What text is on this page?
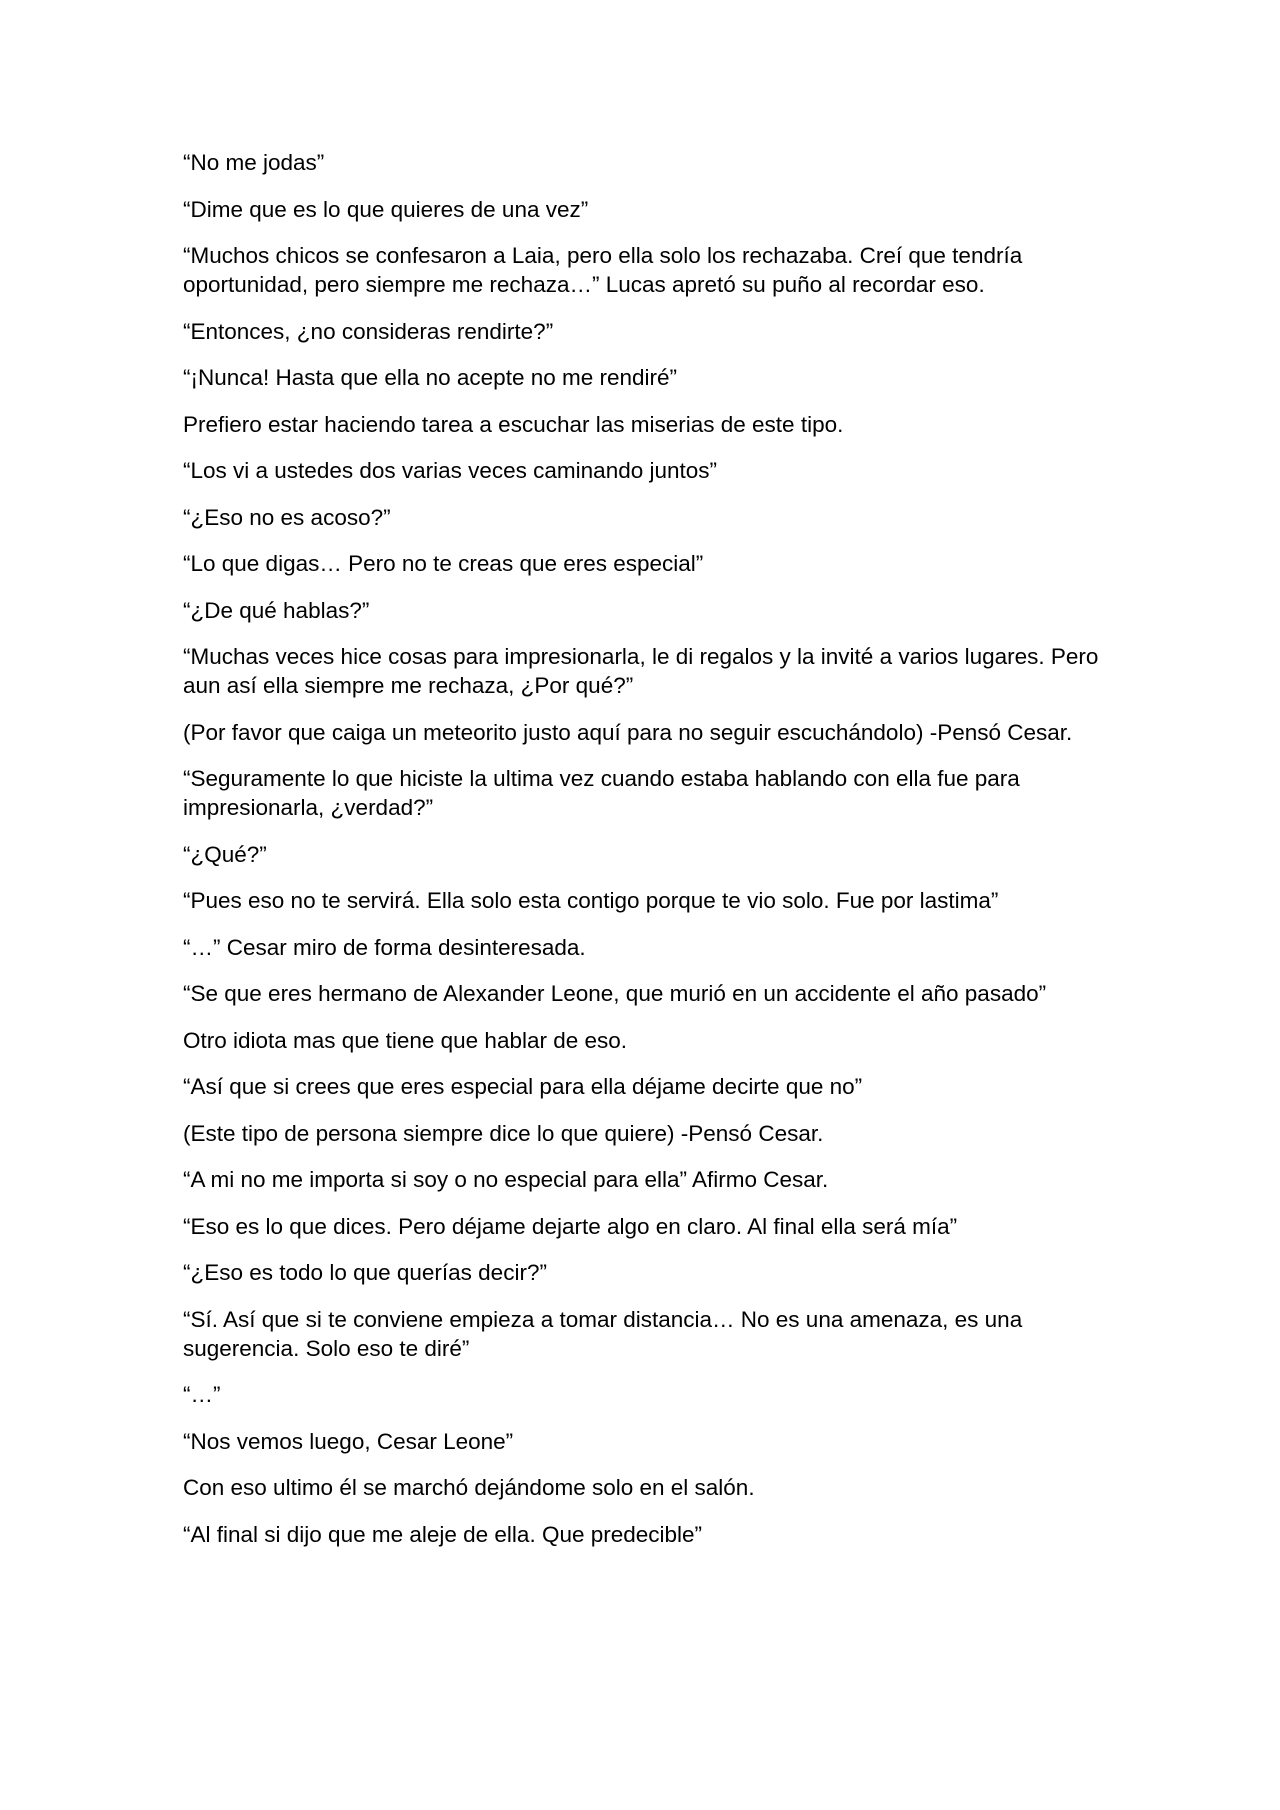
“No me jodas”

“Dime que es lo que quieres de una vez”

“Muchos chicos se confesaron a Laia, pero ella solo los rechazaba. Creí que tendría oportunidad, pero siempre me rechaza…” Lucas apretó su puño al recordar eso.

“Entonces, ¿no consideras rendirte?”

“¡Nunca! Hasta que ella no acepte no me rendiré”

Prefiero estar haciendo tarea a escuchar las miserias de este tipo.

“Los vi a ustedes dos varias veces caminando juntos”

“¿Eso no es acoso?”

“Lo que digas… Pero no te creas que eres especial”

“¿De qué hablas?”

“Muchas veces hice cosas para impresionarla, le di regalos y la invité a varios lugares. Pero aun así ella siempre me rechaza, ¿Por qué?”

(Por favor que caiga un meteorito justo aquí para no seguir escuchándolo) -Pensó Cesar.

“Seguramente lo que hiciste la ultima vez cuando estaba hablando con ella fue para impresionarla, ¿verdad?”

“¿Qué?”

“Pues eso no te servirá. Ella solo esta contigo porque te vio solo. Fue por lastima”

“…” Cesar miro de forma desinteresada.

“Se que eres hermano de Alexander Leone, que murió en un accidente el año pasado”

Otro idiota mas que tiene que hablar de eso.

“Así que si crees que eres especial para ella déjame decirte que no”

(Este tipo de persona siempre dice lo que quiere) -Pensó Cesar.

“A mi no me importa si soy o no especial para ella” Afirmo Cesar.

“Eso es lo que dices. Pero déjame dejarte algo en claro. Al final ella será mía”

“¿Eso es todo lo que querías decir?”

“Sí. Así que si te conviene empieza a tomar distancia… No es una amenaza, es una sugerencia. Solo eso te diré”

“…”

“Nos vemos luego, Cesar Leone”

Con eso ultimo él se marchó dejándome solo en el salón.

“Al final si dijo que me aleje de ella. Que predecible”
